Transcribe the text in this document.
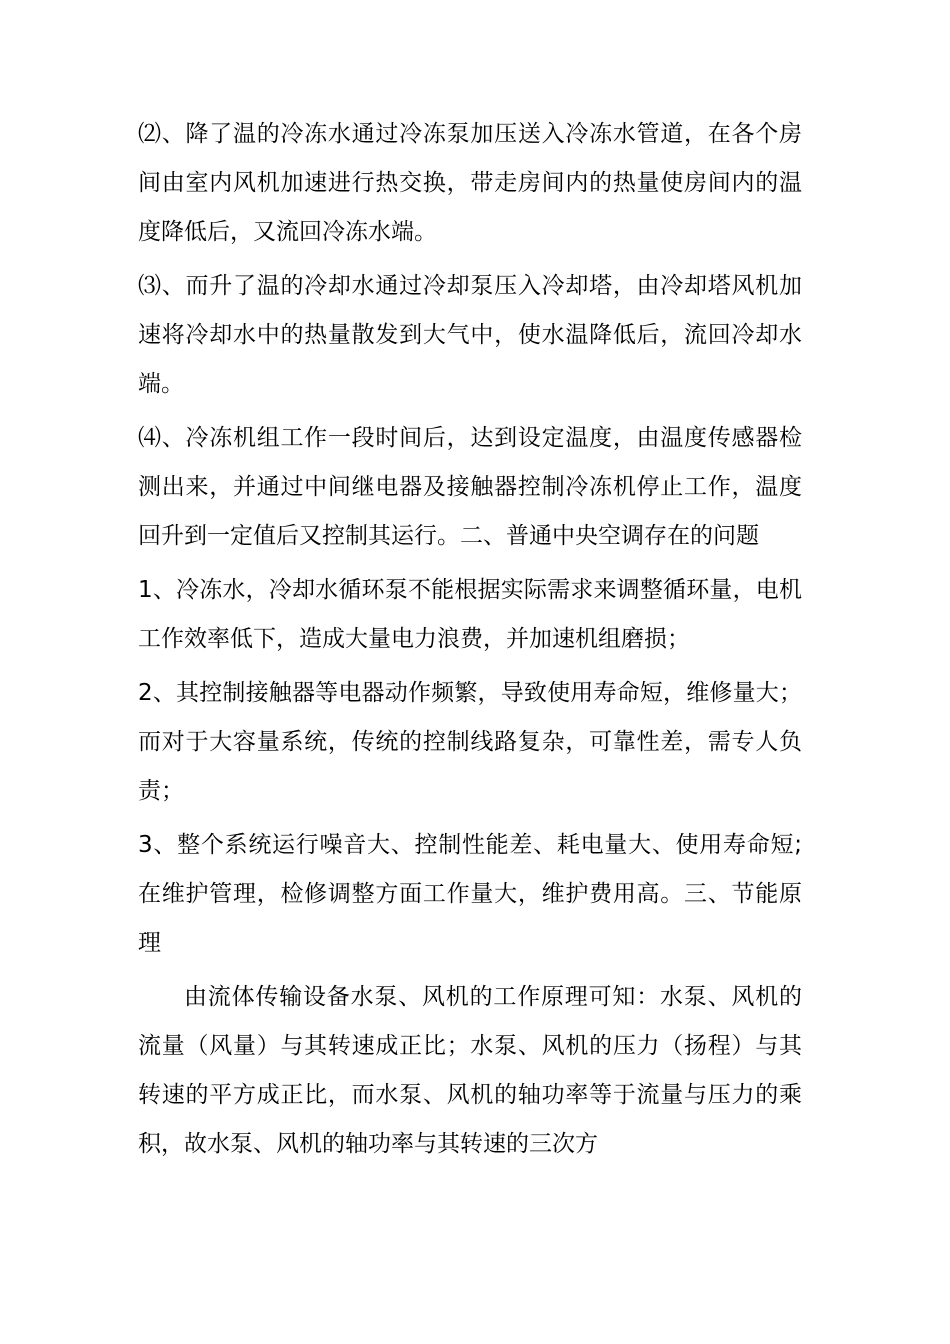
⑵、降了温的冷冻水通过冷冻泵加压送入冷冻水管道，在各个房间由室内风机加速进行热交换，带走房间内的热量使房间内的温度降低后，又流回冷冻水端。

⑶、而升了温的冷却水通过冷却泵压入冷却塔，由冷却塔风机加速将冷却水中的热量散发到大气中，使水温降低后，流回冷却水端。

⑷、冷冻机组工作一段时间后，达到设定温度，由温度传感器检测出来，并通过中间继电器及接触器控制冷冻机停止工作，温度回升到一定值后又控制其运行。二、普通中央空调存在的问题

1、冷冻水，冷却水循环泵不能根据实际需求来调整循环量，电机工作效率低下，造成大量电力浪费，并加速机组磨损；

2、其控制接触器等电器动作频繁，导致使用寿命短，维修量大；而对于大容量系统，传统的控制线路复杂，可靠性差，需专人负责；

3、整个系统运行噪音大、控制性能差、耗电量大、使用寿命短;在维护管理，检修调整方面工作量大，维护费用高。三、节能原理

由流体传输设备水泵、风机的工作原理可知：水泵、风机的流量（风量）与其转速成正比；水泵、风机的压力（扬程）与其转速的平方成正比，而水泵、风机的轴功率等于流量与压力的乘积，故水泵、风机的轴功率与其转速的三次方
